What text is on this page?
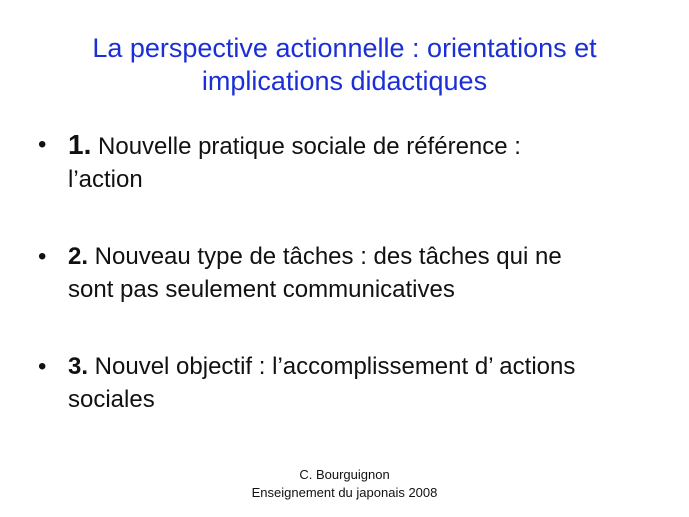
La perspective actionnelle : orientations et
implications didactiques
• 1. Nouvelle pratique sociale de référence :
l’action
• 2. Nouveau type de tâches : des tâches qui ne
sont pas seulement communicatives
• 3. Nouvel objectif : l’accomplissement d’ actions
sociales
C. Bourguignon
Enseignement du japonais 2008
